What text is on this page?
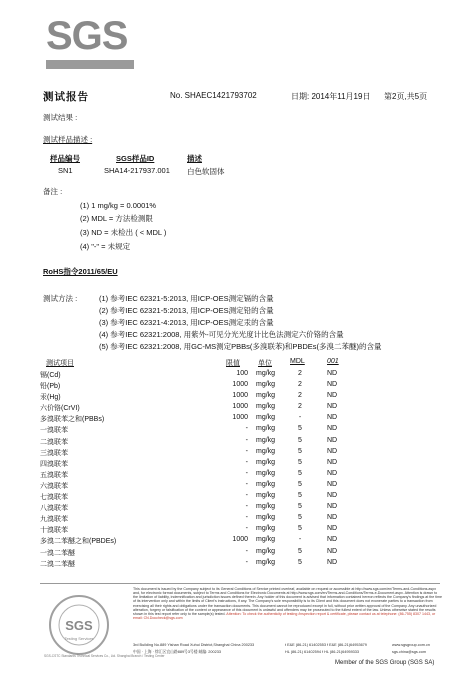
SGS
测试报告	No. SHAEC1421793702	日期: 2014年11月19日 第2页,共5页
测试结果 :
测试样品描述 :
样品编号	SGS样品ID	描述
SN1	SHA14-217937.001 白色软固体
备注 :
(1) 1 mg/kg = 0.0001%
(2) MDL = 方法检测限
(3) ND = 未检出 ( < MDL )
(4) "-" = 未规定
RoHS指令2011/65/EU
测试方法 :	(1) 参考IEC 62321-5:2013, 用ICP-OES测定镉的含量
(2) 参考IEC 62321-5:2013, 用ICP-OES测定铅的含量
(3) 参考IEC 62321-4:2013, 用ICP-OES测定汞的含量
(4) 参考IEC 62321:2008, 用紫外-可见分光光度计比色法测定六价铬的含量
(5) 参考IEC 62321:2008, 用GC-MS测定PBBs(多溴联苯)和PBDEs(多溴二苯醚)的含量
测试项目	限值	单位	MDL	001
镉(Cd)	100 mg/kg	2	ND
铅(Pb)	1000 mg/kg	2	ND
汞(Hg)	1000 mg/kg	2	ND
六价铬(CrVI)	1000 mg/kg	2	ND
多溴联苯之和(PBBs)	1000 mg/kg	-	ND
一溴联苯	- mg/kg	5	ND
二溴联苯	- mg/kg	5	ND
三溴联苯	- mg/kg	5	ND
四溴联苯	- mg/kg	5	ND
五溴联苯	- mg/kg	5	ND
六溴联苯	- mg/kg	5	ND
七溴联苯	- mg/kg	5	ND
八溴联苯	- mg/kg	5	ND
九溴联苯	- mg/kg	5	ND
十溴联苯	- mg/kg	5	ND
多溴二苯醚之和(PBDEs)	1000 mg/kg	-	ND
一溴二苯醚	- mg/kg	5	ND
二溴二苯醚	- mg/kg	5	ND
SGS
Testing Services
SGS-CSTC Standards Technical Services Co., Ltd. Shanghai Branch / Testing Center
This document is issued by the Company subject to its General Conditions of Service printed overleaf, available on request or accessible at http://www.sgs.com/en/Terms-and-Conditions.aspx and, for electronic format documents, subject to Terms and Conditions for Electronic Documents at http://www.sgs.com/en/Terms-and-Conditions/Terms-e-Document.aspx. Attention is drawn to the limitation of liability, indemnification and jurisdiction issues defined therein. Any holder of this document is advised that information contained hereon reflects the Company's findings at the time of its intervention only and within the limits of Client's instructions, if any. The Company's sole responsibility is to its Client and this document does not exonerate parties to a transaction from exercising all their rights and obligations under the transaction documents. This document cannot be reproduced except in full, without prior written approval of the Company. Any unauthorized alteration, forgery or falsification of the content or appearance of this document is unlawful and offenders may be prosecuted to the fullest extent of the law. Unless otherwise stated the results shown in this test report refer only to the sample(s) tested. Attention: To check the authenticity of testing /inspection report & certificate, please contact us at telephone: (86-755) 8307 1443, or email: CN.Doccheck@sgs.com
3rd Building No.889 Yishan Road Xuhui District,Shanghai China 200233
中国 · 上海 · 徐汇区宜山路889号3号楼 邮编: 200233
t E&E (86-21) 61402553 f E&E (86-21)64953679
HL (86-21) 61402594 f HL (86-21)64959333
www.sgsgroup.com.cn
sgs.china@sgs.com
Member of the SGS Group (SGS SA)
